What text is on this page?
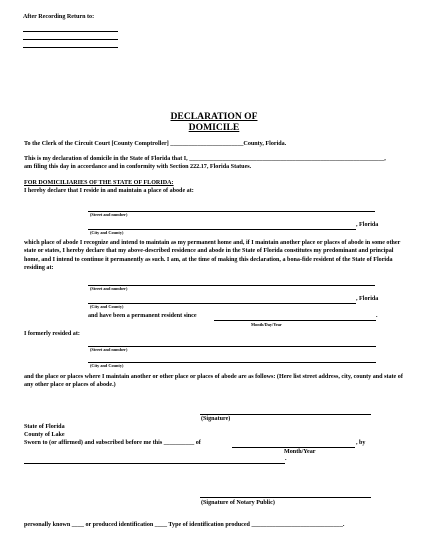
After Recording Return to:
DECLARATION OF
DOMICILE
To the Clerk of the Circuit Court [County Comptroller] ________________________County, Florida.
This is my declaration of domicile in the State of Florida that I, ________________________________________________________________,
am filing this day in accordance and in conformity with Section 222.17, Florida Statues.
FOR DOMICILIARIES OF THE STATE OF FLORIDA:
I hereby declare that I reside in and maintain a place of abode at:
(Street and number)
, Florida
(City and County)
which place of abode I recognize and intend to maintain as my permanent home and, if I maintain another place or places of abode in some other state or states, I hereby declare that my above-described residence and abode in the State of Florida constitutes my predominant and principal home, and I intend to continue it permanently as such. I am, at the time of making this declaration, a bona-fide resident of the State of Florida residing at:
(Street and number)
, Florida
(City and County)
and have been a permanent resident since	.
Month/Day/Year
I formerly resided at:
(Street and number)
(City and County)
and the place or places where I maintain another or other place or places of abode are as follows: (Here list street address, city, county and state of any other place or places of abode.)
(Signature)
State of Florida
County of Lake
Sworn to (or affirmed) and subscribed before me this __________ of	, by
Month/Year
.
(Signature of Notary Public)
personally known ____ or produced identification ____ Type of identification produced ______________________________.
